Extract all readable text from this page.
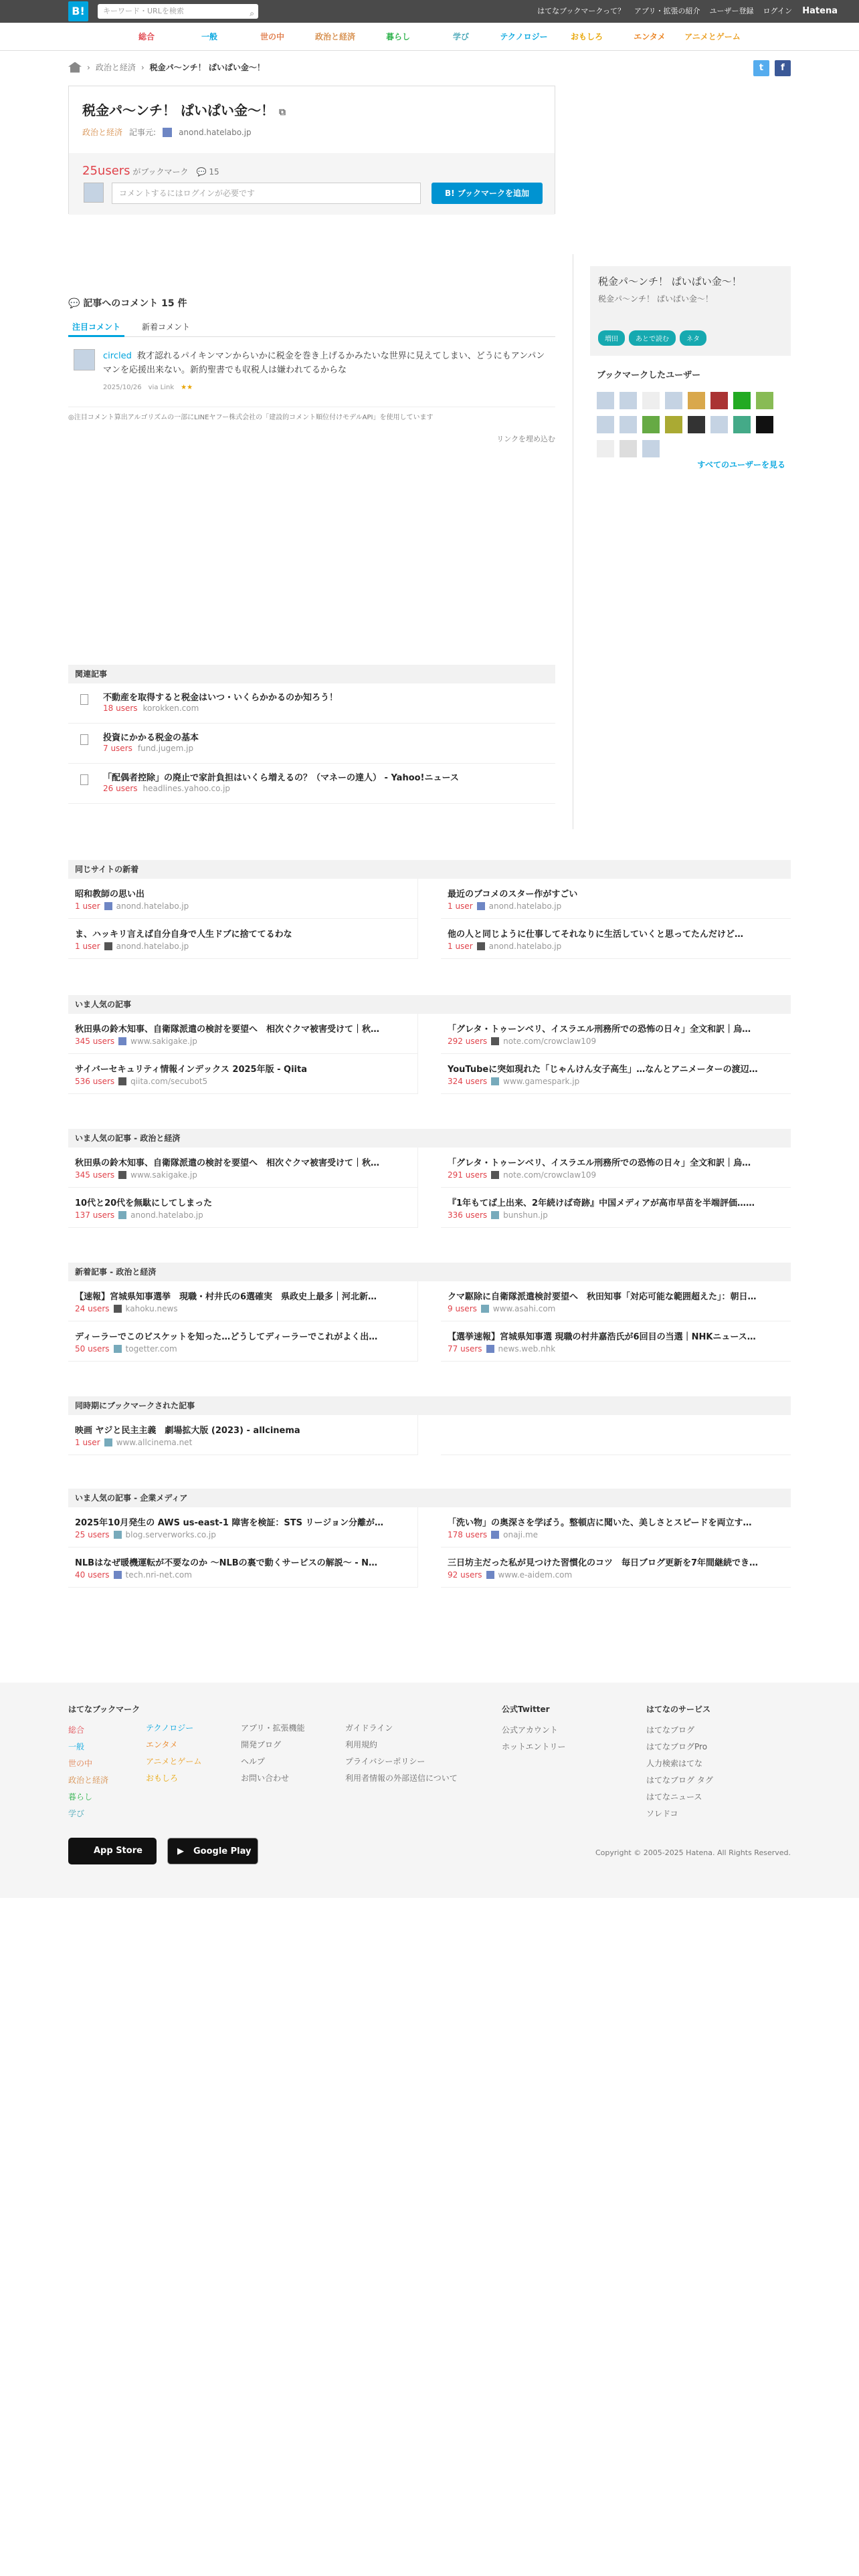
B!	キーワード・URLを検索	⌕	はてなブックマークって？ アプリ・拡張の紹介 ユーザー登録 ログイン Hatena
総合	一般	世の中	政治と経済	暮らし	学び	テクノロジー	おもしろ	エンタメ	アニメとゲーム
› 政治と経済 › 税金パ〜ンチ！ ぱいぱい金〜！	t	f
税金パ〜ンチ！ ぱいぱい金〜！ ⧉
政治と経済 記事元:	anond.hatelabo.jp
25users がブックマーク　 💬 15
コメントするにはログインが必要です	B! ブックマークを追加
税金パ〜ンチ！ ぱいぱい金〜！
税金パ〜ンチ！ ぱいぱい金〜！
増田	あとで読む	ネタ
ブックマークしたユーザー
すべてのユーザーを見る
💬 記事へのコメント 15 件
注目コメント	新着コメント
circled 救才認れるパイキンマンからいかに税金を巻き上げるかみたいな世界に見えてしまい、どうにもアンパンマンを応援出来ない。新約聖書でも収税人は嫌われてるからな
2025/10/26　 via Link　 ★★
◎注目コメント算出アルゴリズムの一部にLINEヤフー株式会社の「建設的コメント順位付けモデルAPI」を使用しています
リンクを埋め込む
関連記事
不動産を取得すると税金はいつ・いくらかかるのか知ろう！
18 users korokken.com
投資にかかる税金の基本
7 users fund.jugem.jp
「配偶者控除」の廃止で家計負担はいくら増えるの？（マネーの達人） - Yahoo!ニュース
26 users headlines.yahoo.co.jp
同じサイトの新着
昭和教師の思い出
1 user anond.hatelabo.jp
最近のブコメのスター作がすごい
1 user anond.hatelabo.jp
ま、ハッキリ言えば自分自身で人生ドブに捨ててるわな
1 user anond.hatelabo.jp
他の人と同じように仕事してそれなりに生活していくと思ってたんだけど…
1 user anond.hatelabo.jp
いま人気の記事
秋田県の鈴木知事、自衛隊派遣の検討を要望へ　相次ぐクマ被害受けて｜秋…
345 users www.sakigake.jp
「グレタ・トゥーンベリ、イスラエル刑務所での恐怖の日々」全文和訳｜烏…
292 users note.com/crowclaw109
サイバーセキュリティ情報インデックス 2025年版 - Qiita
536 users qiita.com/secubot5
YouTubeに突如現れた「じゃんけん女子高生」…なんとアニメーターの渡辺…
324 users www.gamespark.jp
いま人気の記事 - 政治と経済
秋田県の鈴木知事、自衛隊派遣の検討を要望へ　相次ぐクマ被害受けて｜秋…
345 users www.sakigake.jp
「グレタ・トゥーンベリ、イスラエル刑務所での恐怖の日々」全文和訳｜烏…
291 users note.com/crowclaw109
10代と20代を無駄にしてしまった
137 users anond.hatelabo.jp
『1年もてば上出来、2年続けば奇跡』中国メディアが高市早苗を半端評価……
336 users bunshun.jp
新着記事 - 政治と経済
【速報】宮城県知事選挙　現職・村井氏の6選確実　県政史上最多｜河北新…
24 users kahoku.news
クマ駆除に自衛隊派遣検討要望へ　秋田知事「対応可能な範囲超えた」：朝日…
9 users www.asahi.com
ディーラーでこのビスケットを知った…どうしてディーラーでこれがよく出…
50 users togetter.com
【選挙速報】宮城県知事選 現職の村井嘉浩氏が6回目の当選｜NHKニュース…
77 users news.web.nhk
同時期にブックマークされた記事
映画 ヤジと民主主義　劇場拡大版 (2023) - allcinema
1 user www.allcinema.net
いま人気の記事 - 企業メディア
2025年10月発生の AWS us-east-1 障害を検証：STS リージョン分離が…
25 users blog.serverworks.co.jp
「洗い物」の奥深さを学ぼう。整頓店に聞いた、美しさとスピードを両立す…
178 users onaji.me
NLBはなぜ暖機運転が不要なのか ～NLBの裏で動くサービスの解説～ - N…
40 users tech.nri-net.com
三日坊主だった私が見つけた習慣化のコツ　毎日ブログ更新を7年間継続でき…
92 users www.e-aidem.com
はてなブックマーク
総合
一般
世の中
政治と経済
暮らし
学び
テクノロジー
エンタメ
アニメとゲーム
おもしろ
アプリ・拡張機能
開発ブログ
ヘルプ
お問い合わせ
ガイドライン
利用規約
プライバシーポリシー
利用者情報の外部送信について
公式Twitter
公式アカウント
ホットエントリー
はてなのサービス
はてなブログ
はてなブログPro
人力検索はてな
はてなブログ タグ
はてなニュース
ソレドコ
App Store	▶ Google Play	Copyright © 2005-2025 Hatena. All Rights Reserved.
